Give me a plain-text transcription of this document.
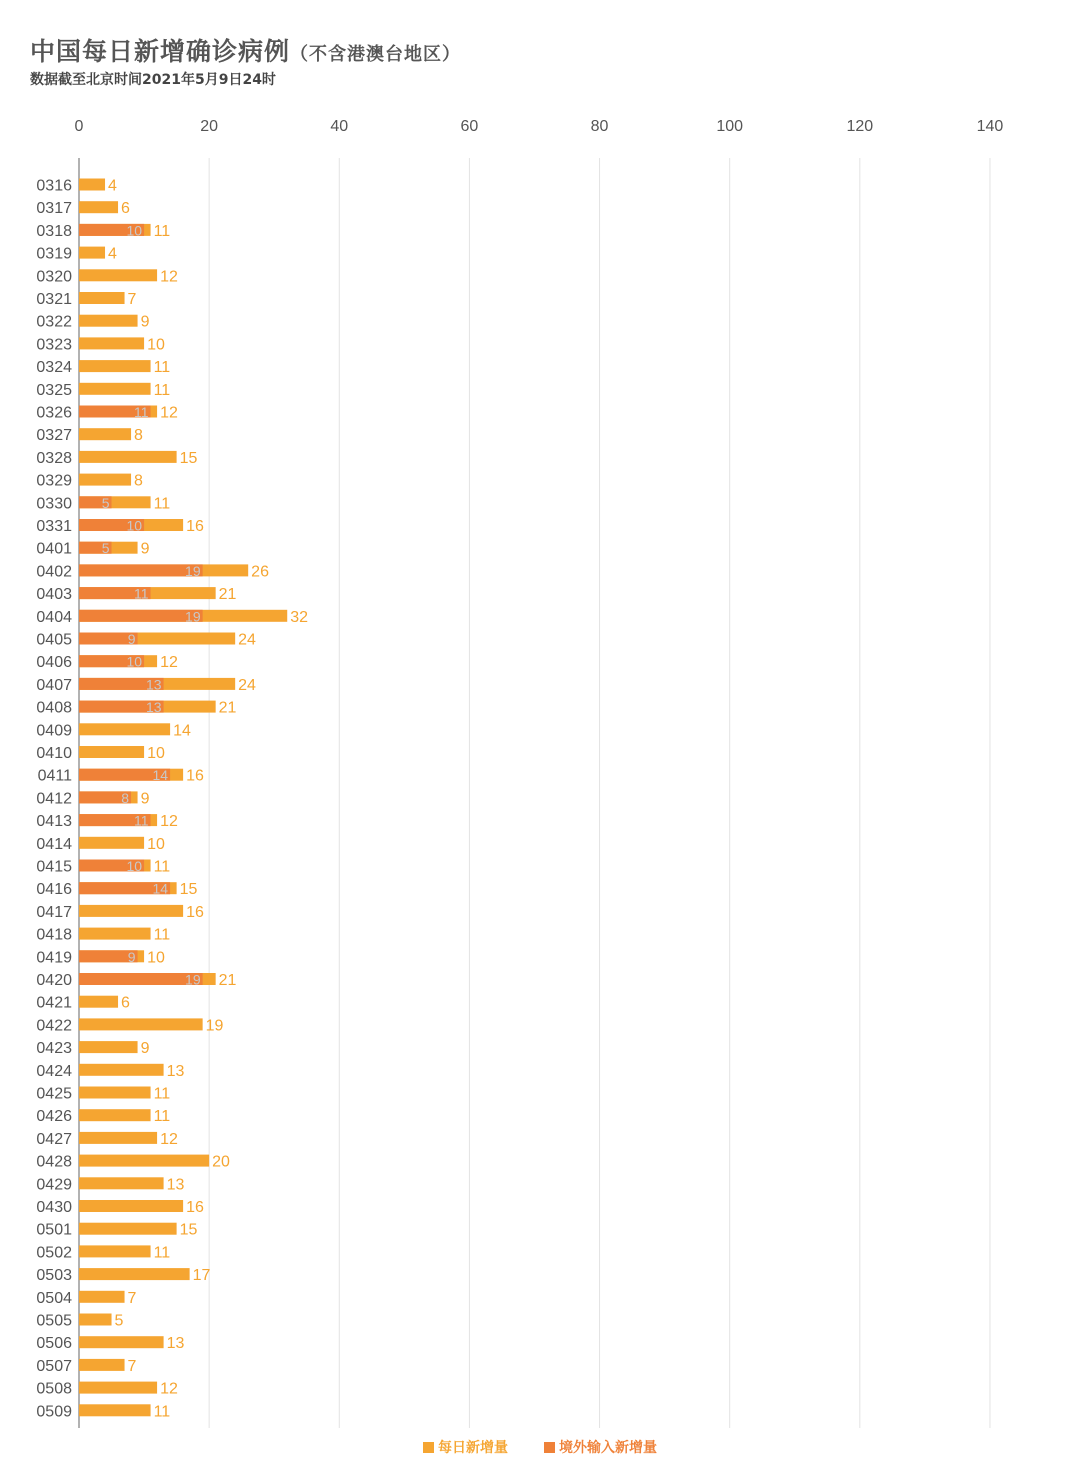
中国每日新增确诊病例（不含港澳台地区）

数据截至北京时间2021年5月9日24时

0	20	40	60	80	100	120	140
0316 4
0317	6
0318	10 11
0319 4
0320	12
0321	7
0322	9
0323	10
0324	11
0325	11
0326	11 12
0327	8
0328	15
0329	8
0330 5	11
0331	10	16
0401 5 9
0402	19	26
0403	11	21
0404	19	32
0405	9	24
0406	10 12
0407	13	24
0408	13	21
0409	14
0410	10
0411	14 16
0412	8 9
0413	11 12
0414	10
0415	10 11
0416	14 15
0417	16
0418	11
0419	9 10
0420	19 21
0421	6
0422	19
0423	9
0424	13
0425	11
0426	11
0427	12
0428	20
0429	13
0430	16
0501	15
0502	11
0503	17
0504	7
0505	5
0506	13
0507	7
0508	12
0509	11
每日新增量	境外输入新增量
